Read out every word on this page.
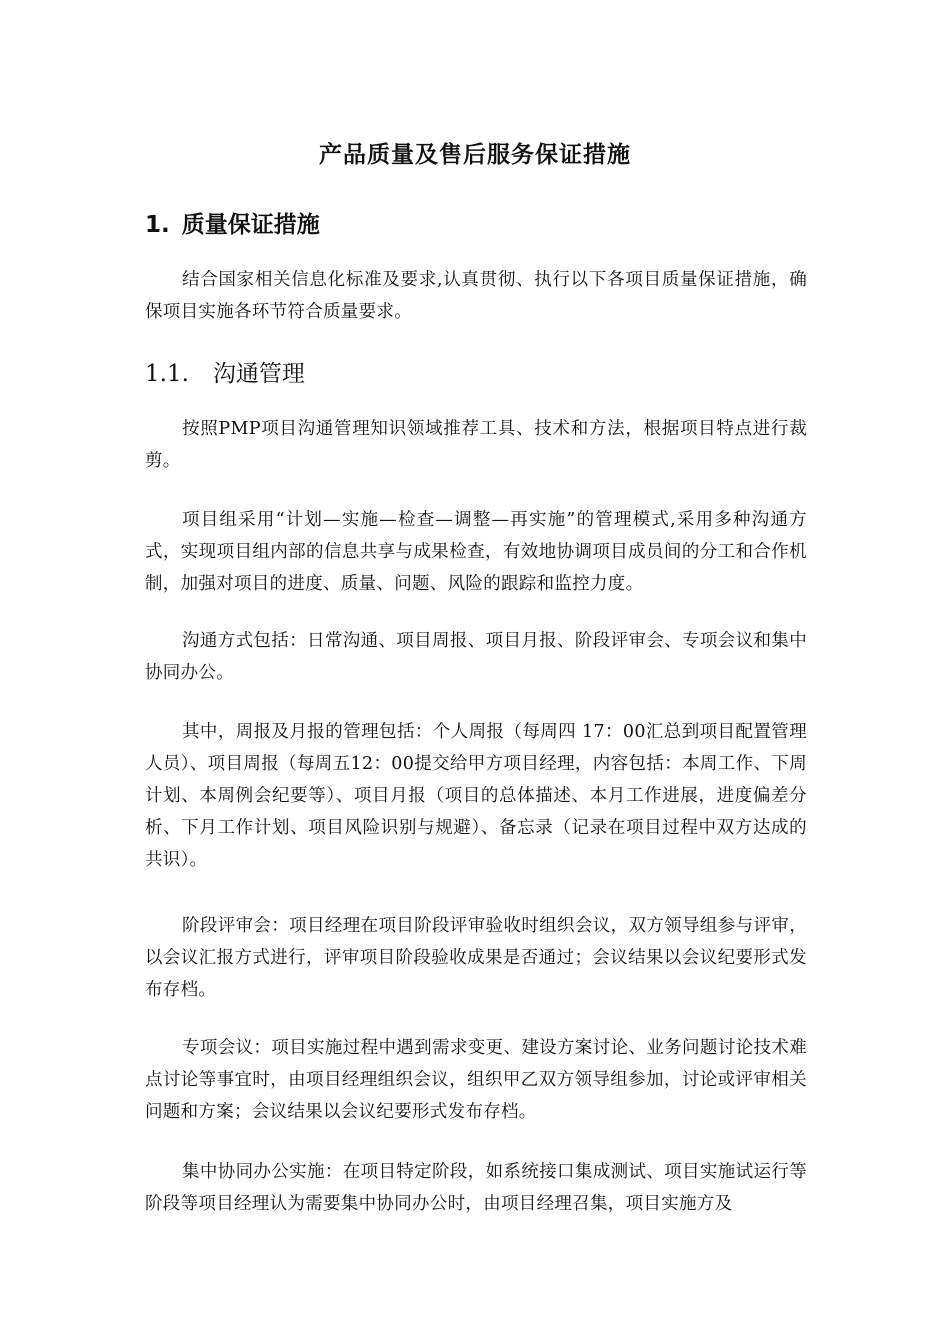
产品质量及售后服务保证措施
1. 质量保证措施

结合国家相关信息化标准及要求,认真贯彻、执行以下各项目质量保证措施，确保项目实施各环节符合质量要求。

1.1. 沟通管理

按照PMP项目沟通管理知识领域推荐工具、技术和方法，根据项目特点进行裁剪。

项目组采用“计划—实施—检查—调整—再实施”的管理模式,采用多种沟通方式，实现项目组内部的信息共享与成果检查，有效地协调项目成员间的分工和合作机制，加强对项目的进度、质量、问题、风险的跟踪和监控力度。

沟通方式包括：日常沟通、项目周报、项目月报、阶段评审会、专项会议和集中协同办公。

其中，周报及月报的管理包括：个人周报（每周四 17：00汇总到项目配置管理人员）、项目周报（每周五12：00提交给甲方项目经理，内容包括：本周工作、下周计划、本周例会纪要等）、项目月报（项目的总体描述、本月工作进展，进度偏差分析、下月工作计划、项目风险识别与规避）、备忘录（记录在项目过程中双方达成的共识）。

阶段评审会：项目经理在项目阶段评审验收时组织会议，双方领导组参与评审，以会议汇报方式进行，评审项目阶段验收成果是否通过；会议结果以会议纪要形式发布存档。

专项会议：项目实施过程中遇到需求变更、建设方案讨论、业务问题讨论技术难点讨论等事宜时，由项目经理组织会议，组织甲乙双方领导组参加，讨论或评审相关问题和方案；会议结果以会议纪要形式发布存档。

集中协同办公实施：在项目特定阶段，如系统接口集成测试、项目实施试运行等阶段等项目经理认为需要集中协同办公时，由项目经理召集，项目实施方及
